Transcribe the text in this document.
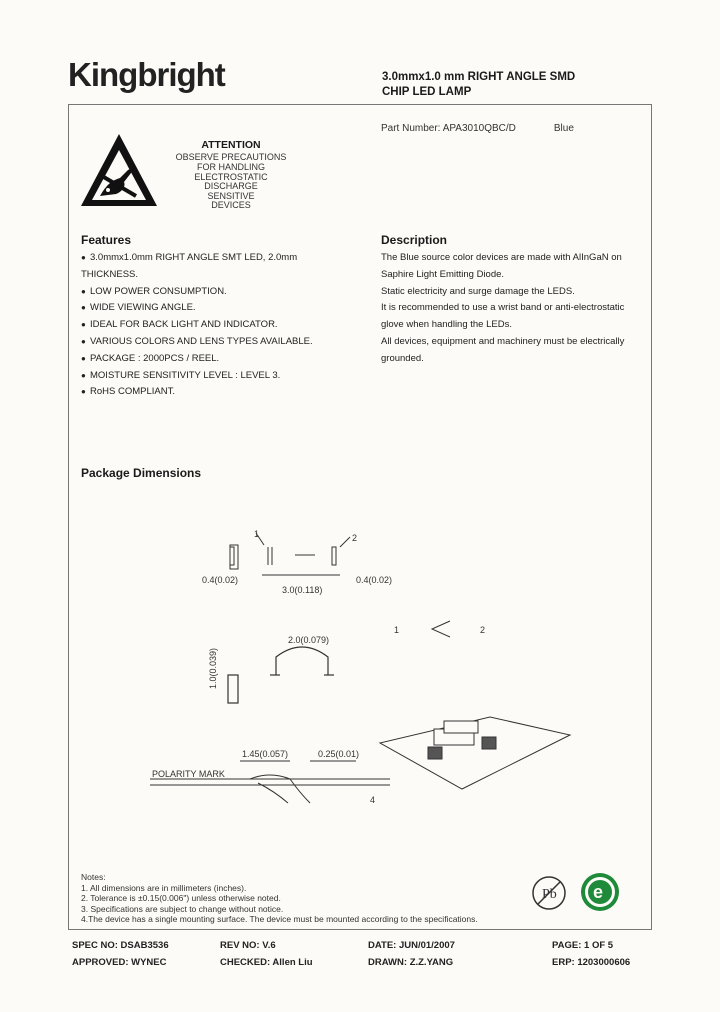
Kingbright	3.0mmx1.0 mm RIGHT ANGLE SMD
CHIP LED LAMP
Part Number: APA3010QBC/D	Blue
ATTENTION
OBSERVE PRECAUTIONS
FOR HANDLING
ELECTROSTATIC
DISCHARGE
SENSITIVE
DEVICES
Features
● 3.0mmx1.0mm RIGHT ANGLE SMT LED, 2.0mm
THICKNESS.
● LOW POWER CONSUMPTION.
● WIDE VIEWING ANGLE.
● IDEAL FOR BACK LIGHT AND INDICATOR.
● VARIOUS COLORS AND LENS TYPES AVAILABLE.
● PACKAGE : 2000PCS / REEL.
● MOISTURE SENSITIVITY LEVEL : LEVEL 3.
● RoHS COMPLIANT.
Description
The Blue source color devices are made with AlInGaN on
Saphire Light Emitting Diode.
Static electricity and surge damage the LEDS.
It is recommended to use a wrist band or anti-electrostatic
glove when handling the LEDs.
All devices, equipment and machinery must be electrically
grounded.
Package Dimensions
1	2
0.4(0.02)
3.0(0.118)
0.4(0.02)
1	2
2.0(0.079)
1.0(0.039)
1.45(0.057)	0.25(0.01)
POLARITY MARK
4
Notes:
1. All dimensions are in millimeters (inches).
2. Tolerance is ±0.15(0.006") unless otherwise noted.
3. Specifications are subject to change without notice.
4.The device has a single mounting surface. The device must be mounted according to the specifications.
Pb e
SPEC NO: DSAB3536	REV NO: V.6	DATE: JUN/01/2007	PAGE: 1 OF 5
APPROVED: WYNEC	CHECKED: Allen Liu	DRAWN: Z.Z.YANG	ERP: 1203000606
